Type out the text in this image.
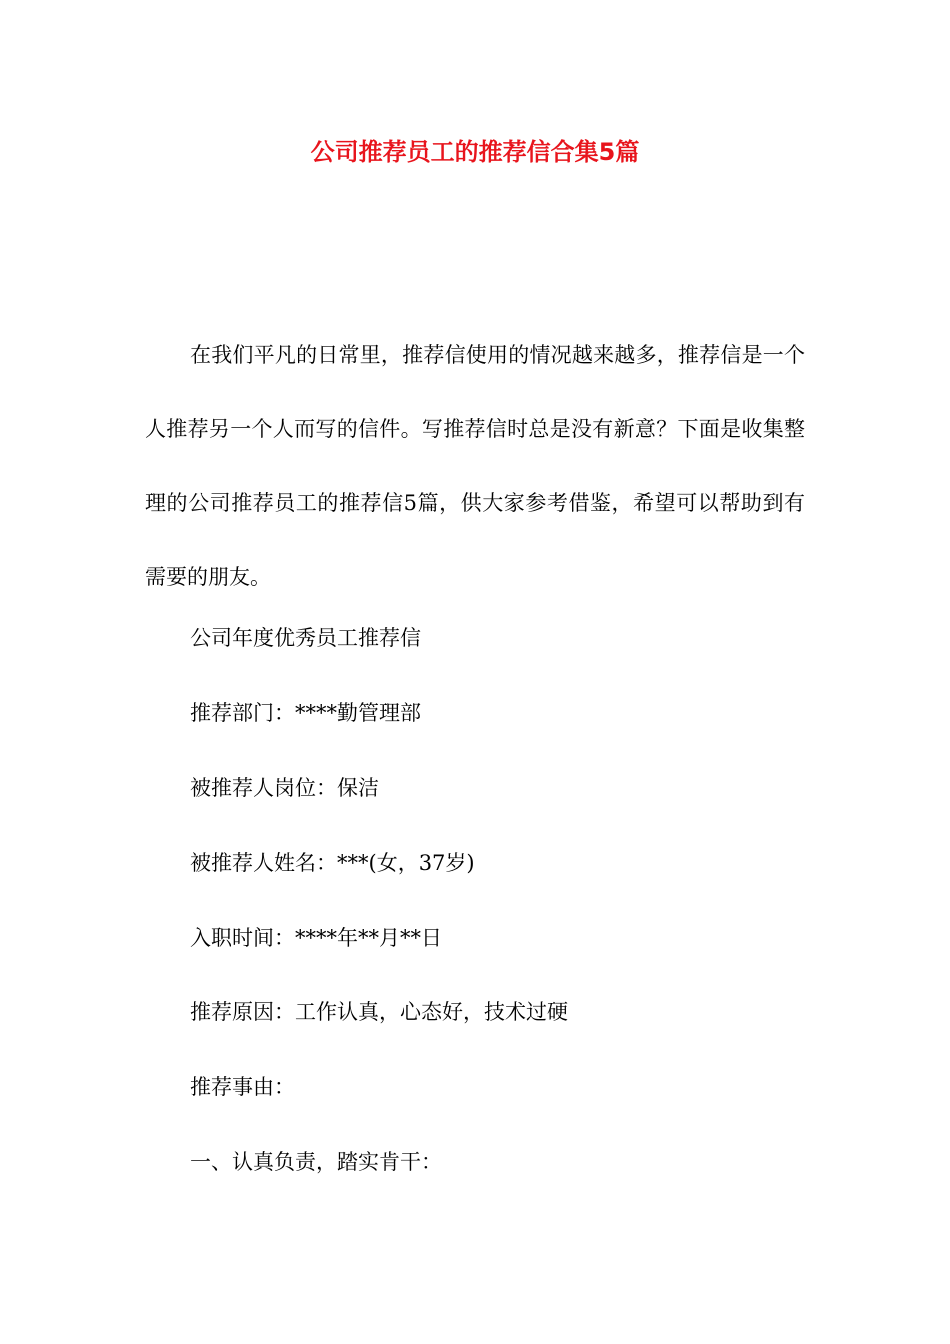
公司推荐员工的推荐信合集5篇

在我们平凡的日常里，推荐信使用的情况越来越多，推荐信是一个人推荐另一个人而写的信件。写推荐信时总是没有新意？下面是收集整理的公司推荐员工的推荐信5篇，供大家参考借鉴，希望可以帮助到有需要的朋友。

公司年度优秀员工推荐信

推荐部门：****勤管理部

被推荐人岗位：保洁

被推荐人姓名：***(女，37岁)

入职时间：****年**月**日

推荐原因：工作认真，心态好，技术过硬

推荐事由：

一、认真负责，踏实肯干：
